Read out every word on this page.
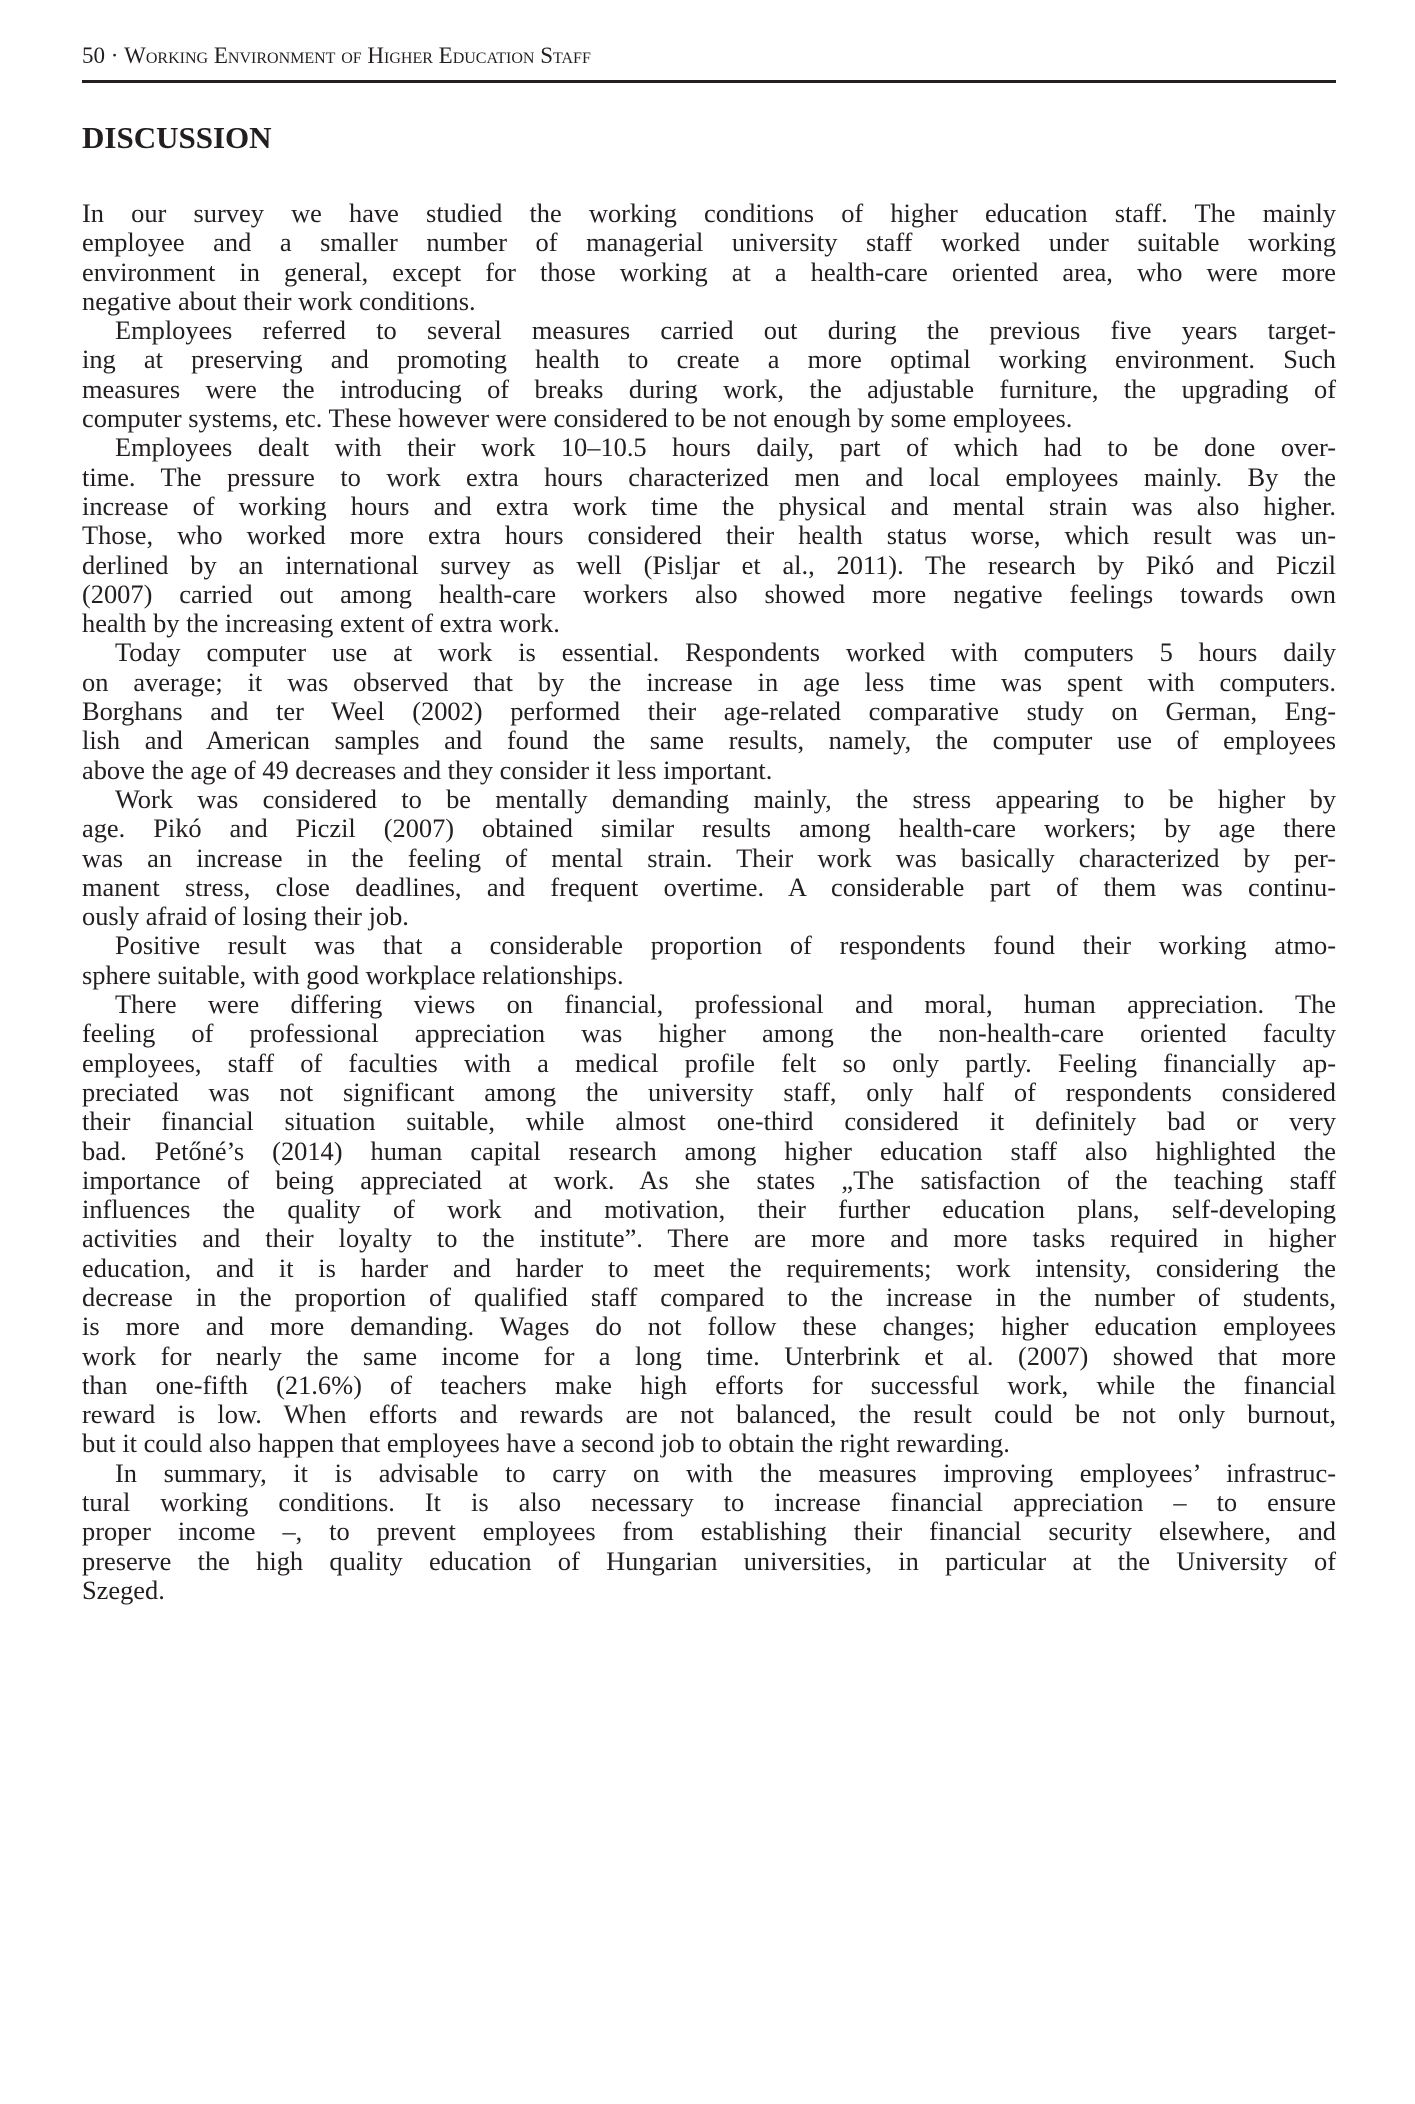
50 · Working Environment of Higher Education Staff
DISCUSSION
In our survey we have studied the working conditions of higher education staff. The mainly
employee and a smaller number of managerial university staff worked under suitable working
environment in general, except for those working at a health-care oriented area, who were more
negative about their work conditions.
Employees referred to several measures carried out during the previous five years target-
ing at preserving and promoting health to create a more optimal working environment. Such
measures were the introducing of breaks during work, the adjustable furniture, the upgrading of
computer systems, etc. These however were considered to be not enough by some employees.
Employees dealt with their work 10–10.5 hours daily, part of which had to be done over-
time. The pressure to work extra hours characterized men and local employees mainly. By the
increase of working hours and extra work time the physical and mental strain was also higher.
Those, who worked more extra hours considered their health status worse, which result was un-
derlined by an international survey as well (Pisljar et al., 2011). The research by Pikó and Piczil
(2007) carried out among health-care workers also showed more negative feelings towards own
health by the increasing extent of extra work.
Today computer use at work is essential. Respondents worked with computers 5 hours daily
on average; it was observed that by the increase in age less time was spent with computers.
Borghans and ter Weel (2002) performed their age-related comparative study on German, Eng-
lish and American samples and found the same results, namely, the computer use of employees
above the age of 49 decreases and they consider it less important.
Work was considered to be mentally demanding mainly, the stress appearing to be higher by
age. Pikó and Piczil (2007) obtained similar results among health-care workers; by age there
was an increase in the feeling of mental strain. Their work was basically characterized by per-
manent stress, close deadlines, and frequent overtime. A considerable part of them was continu-
ously afraid of losing their job.
Positive result was that a considerable proportion of respondents found their working atmo-
sphere suitable, with good workplace relationships.
There were differing views on financial, professional and moral, human appreciation. The
feeling of professional appreciation was higher among the non-health-care oriented faculty
employees, staff of faculties with a medical profile felt so only partly. Feeling financially ap-
preciated was not significant among the university staff, only half of respondents considered
their financial situation suitable, while almost one-third considered it definitely bad or very
bad. Petőné’s (2014) human capital research among higher education staff also highlighted the
importance of being appreciated at work. As she states „The satisfaction of the teaching staff
influences the quality of work and motivation, their further education plans, self-developing
activities and their loyalty to the institute”. There are more and more tasks required in higher
education, and it is harder and harder to meet the requirements; work intensity, considering the
decrease in the proportion of qualified staff compared to the increase in the number of students,
is more and more demanding. Wages do not follow these changes; higher education employees
work for nearly the same income for a long time. Unterbrink et al. (2007) showed that more
than one-fifth (21.6%) of teachers make high efforts for successful work, while the financial
reward is low. When efforts and rewards are not balanced, the result could be not only burnout,
but it could also happen that employees have a second job to obtain the right rewarding.
In summary, it is advisable to carry on with the measures improving employees’ infrastruc-
tural working conditions. It is also necessary to increase financial appreciation – to ensure
proper income –, to prevent employees from establishing their financial security elsewhere, and
preserve the high quality education of Hungarian universities, in particular at the University of
Szeged.
